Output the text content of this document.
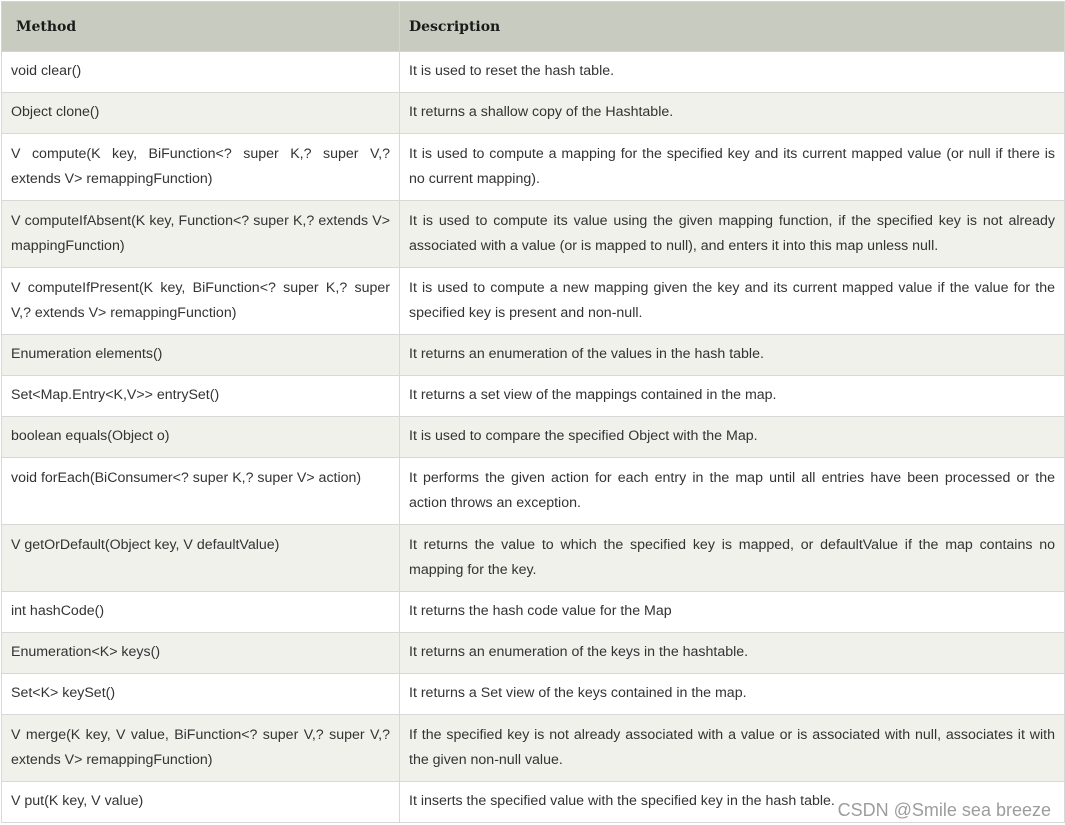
Method	Description
void clear()	It is used to reset the hash table.
Object clone()	It returns a shallow copy of the Hashtable.
V compute(K key, BiFunction<? super K,? super V,? extends V> remappingFunction)	It is used to compute a mapping for the specified key and its current mapped value (or null if there is no current mapping).
V computeIfAbsent(K key, Function<? super K,? extends V> mappingFunction)	It is used to compute its value using the given mapping function, if the specified key is not already associated with a value (or is mapped to null), and enters it into this map unless null.
V computeIfPresent(K key, BiFunction<? super K,? super V,? extends V> remappingFunction)	It is used to compute a new mapping given the key and its current mapped value if the value for the specified key is present and non-null.
Enumeration elements()	It returns an enumeration of the values in the hash table.
Set<Map.Entry<K,V>> entrySet()	It returns a set view of the mappings contained in the map.
boolean equals(Object o)	It is used to compare the specified Object with the Map.
void forEach(BiConsumer<? super K,? super V> action)	It performs the given action for each entry in the map until all entries have been processed or the action throws an exception.
V getOrDefault(Object key, V defaultValue)	It returns the value to which the specified key is mapped, or defaultValue if the map contains no mapping for the key.
int hashCode()	It returns the hash code value for the Map
Enumeration<K> keys()	It returns an enumeration of the keys in the hashtable.
Set<K> keySet()	It returns a Set view of the keys contained in the map.
V merge(K key, V value, BiFunction<? super V,? super V,? extends V> remappingFunction)	If the specified key is not already associated with a value or is associated with null, associates it with the given non-null value.
V put(K key, V value)	It inserts the specified value with the specified key in the hash table. CSDN @Smile sea breeze
